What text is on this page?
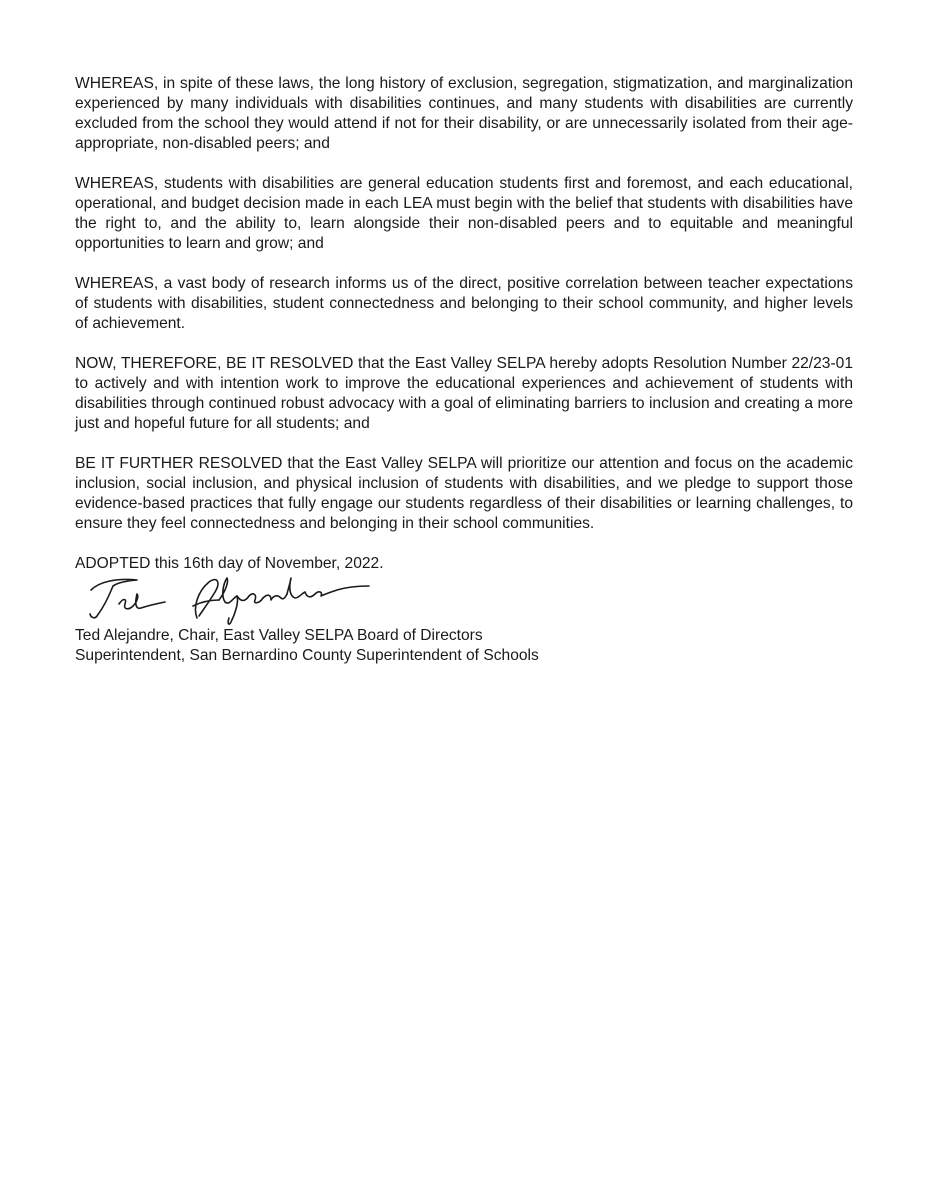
WHEREAS, in spite of these laws, the long history of exclusion, segregation, stigmatization, and marginalization experienced by many individuals with disabilities continues, and many students with disabilities are currently excluded from the school they would attend if not for their disability, or are unnecessarily isolated from their age-appropriate, non-disabled peers; and

WHEREAS, students with disabilities are general education students first and foremost, and each educational, operational, and budget decision made in each LEA must begin with the belief that students with disabilities have the right to, and the ability to, learn alongside their non-disabled peers and to equitable and meaningful opportunities to learn and grow; and

WHEREAS, a vast body of research informs us of the direct, positive correlation between teacher expectations of students with disabilities, student connectedness and belonging to their school community, and higher levels of achievement.

NOW, THEREFORE, BE IT RESOLVED that the East Valley SELPA hereby adopts Resolution Number 22/23-01 to actively and with intention work to improve the educational experiences and achievement of students with disabilities through continued robust advocacy with a goal of eliminating barriers to inclusion and creating a more just and hopeful future for all students; and

BE IT FURTHER RESOLVED that the East Valley SELPA will prioritize our attention and focus on the academic inclusion, social inclusion, and physical inclusion of students with disabilities, and we pledge to support those evidence-based practices that fully engage our students regardless of their disabilities or learning challenges, to ensure they feel connectedness and belonging in their school communities.

ADOPTED this 16th day of November, 2022.

Ted Alejandre, Chair, East Valley SELPA Board of Directors

Superintendent, San Bernardino County Superintendent of Schools
